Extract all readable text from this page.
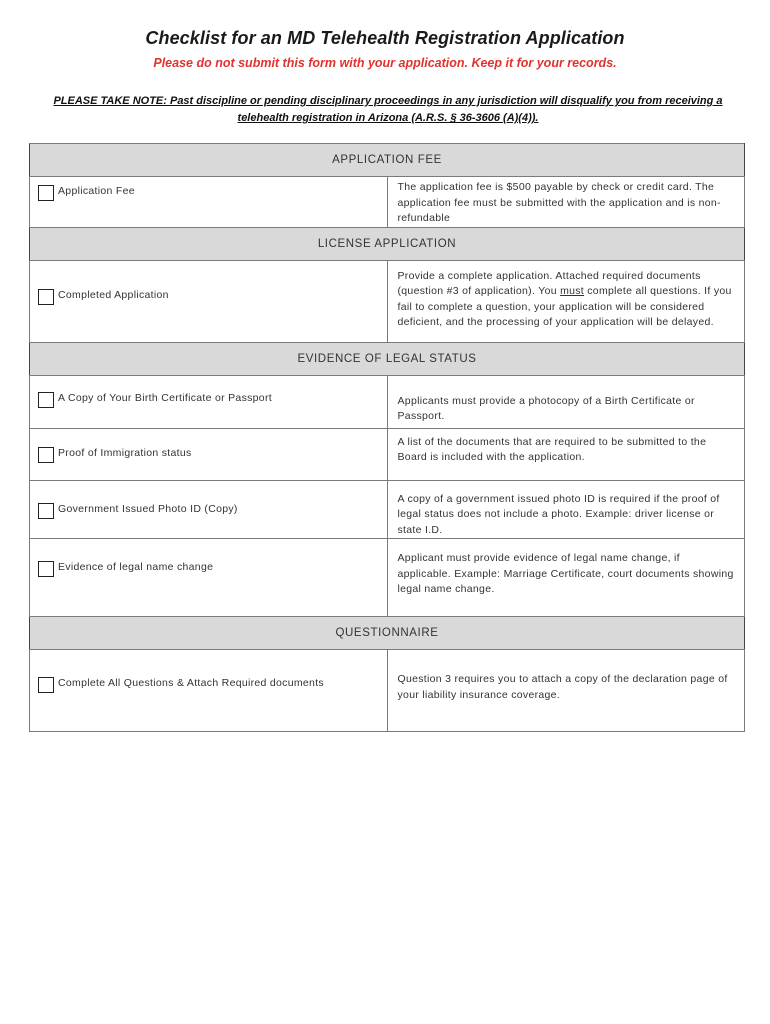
Checklist for an MD Telehealth Registration Application
Please do not submit this form with your application. Keep it for your records.
PLEASE TAKE NOTE: Past discipline or pending disciplinary proceedings in any jurisdiction will disqualify you from receiving a telehealth registration in Arizona (A.R.S. § 36-3606 (A)(4)).
APPLICATION FEE	

Application Fee	The application fee is $500 payable by check or credit card. The application fee must be submitted with the application and is non-refundable

LICENSE APPLICATION	

Completed Application	Provide a complete application. Attached required documents (question #3 of application). You must complete all questions. If you fail to complete a question, your application will be considered deficient, and the processing of your application will be delayed.

EVIDENCE OF LEGAL STATUS	

A Copy of Your Birth Certificate or Passport	Applicants must provide a photocopy of a Birth Certificate or Passport.

Proof of Immigration status	A list of the documents that are required to be submitted to the Board is included with the application.

Government Issued Photo ID (Copy)	A copy of a government issued photo ID is required if the proof of legal status does not include a photo. Example: driver license or state I.D.

Evidence of legal name change	Applicant must provide evidence of legal name change, if applicable. Example: Marriage Certificate, court documents showing legal name change.

QUESTIONNAIRE	

Complete All Questions & Attach Required documents	Question 3 requires you to attach a copy of the declaration page of your liability insurance coverage.
